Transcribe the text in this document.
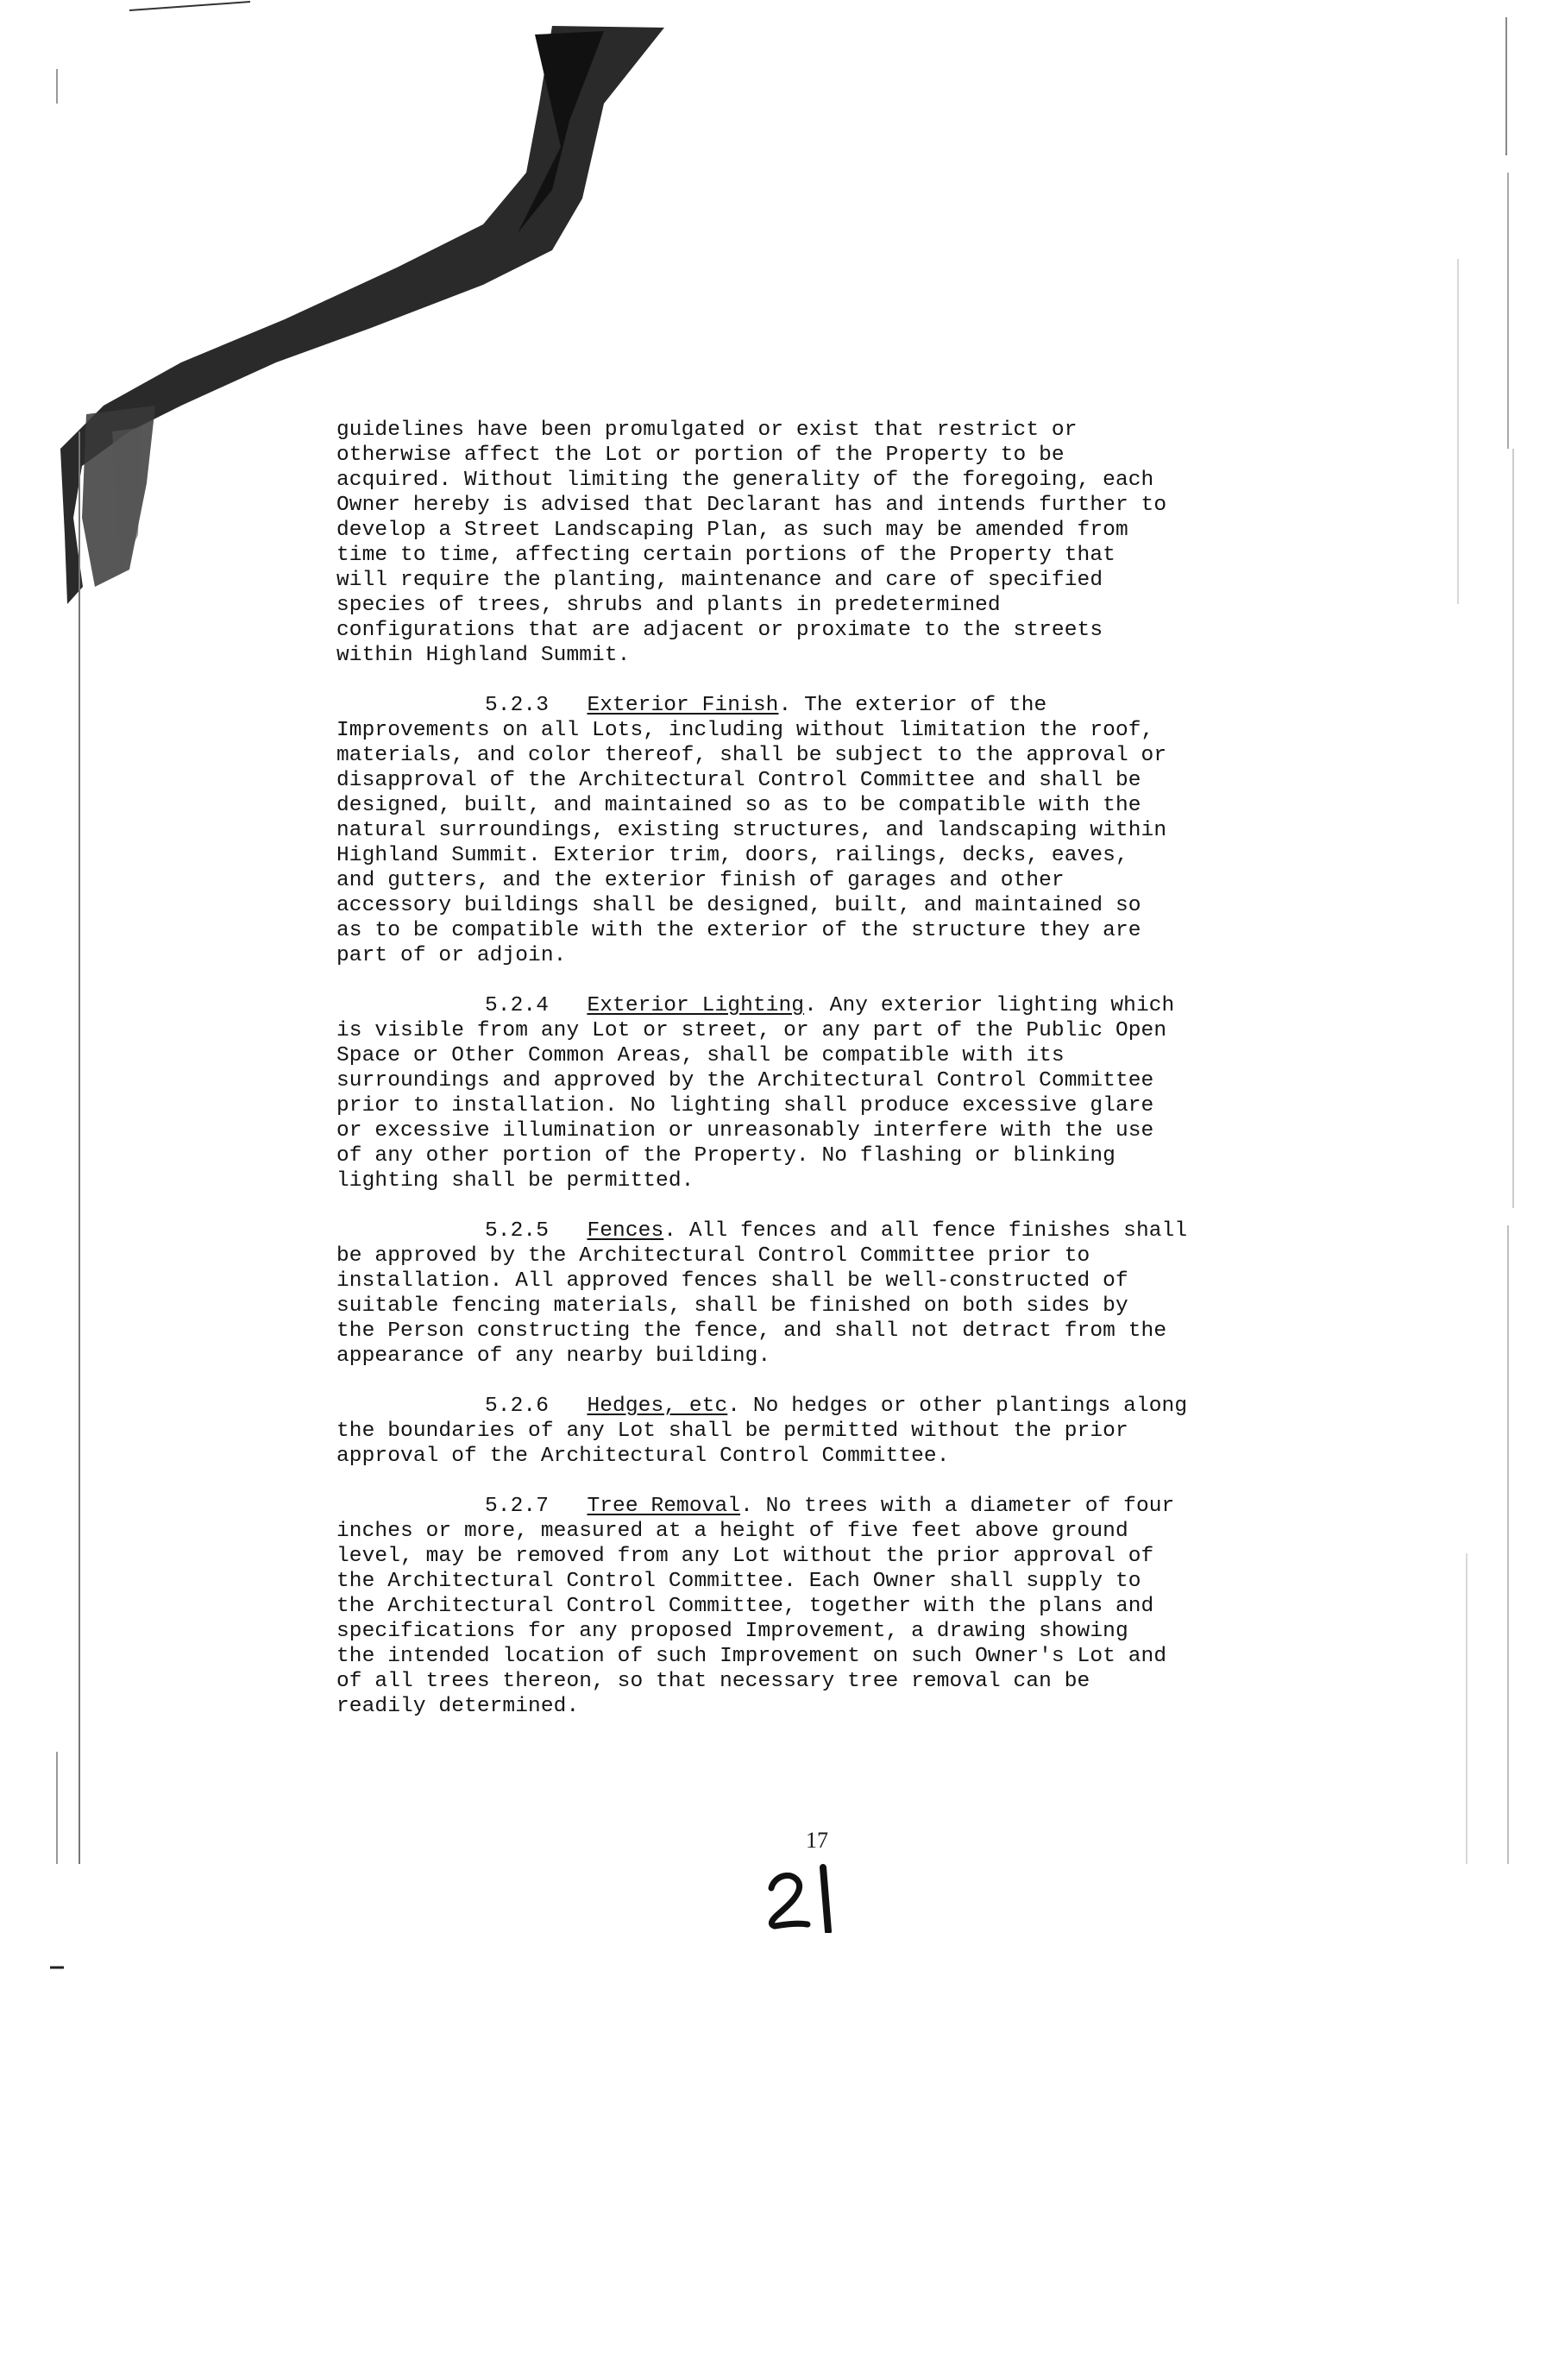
guidelines have been promulgated or exist that restrict or
otherwise affect the Lot or portion of the Property to be
acquired. Without limiting the generality of the foregoing, each
Owner hereby is advised that Declarant has and intends further to
develop a Street Landscaping Plan, as such may be amended from
time to time, affecting certain portions of the Property that
will require the planting, maintenance and care of specified
species of trees, shrubs and plants in predetermined
configurations that are adjacent or proximate to the streets
within Highland Summit.
5.2.3 Exterior Finish. The exterior of the
Improvements on all Lots, including without limitation the roof,
materials, and color thereof, shall be subject to the approval or
disapproval of the Architectural Control Committee and shall be
designed, built, and maintained so as to be compatible with the
natural surroundings, existing structures, and landscaping within
Highland Summit. Exterior trim, doors, railings, decks, eaves,
and gutters, and the exterior finish of garages and other
accessory buildings shall be designed, built, and maintained so
as to be compatible with the exterior of the structure they are
part of or adjoin.
5.2.4 Exterior Lighting. Any exterior lighting which
is visible from any Lot or street, or any part of the Public Open
Space or Other Common Areas, shall be compatible with its
surroundings and approved by the Architectural Control Committee
prior to installation. No lighting shall produce excessive glare
or excessive illumination or unreasonably interfere with the use
of any other portion of the Property. No flashing or blinking
lighting shall be permitted.
5.2.5 Fences. All fences and all fence finishes shall
be approved by the Architectural Control Committee prior to
installation. All approved fences shall be well-constructed of
suitable fencing materials, shall be finished on both sides by
the Person constructing the fence, and shall not detract from the
appearance of any nearby building.
5.2.6 Hedges, etc. No hedges or other plantings along
the boundaries of any Lot shall be permitted without the prior
approval of the Architectural Control Committee.
5.2.7 Tree Removal. No trees with a diameter of four
inches or more, measured at a height of five feet above ground
level, may be removed from any Lot without the prior approval of
the Architectural Control Committee. Each Owner shall supply to
the Architectural Control Committee, together with the plans and
specifications for any proposed Improvement, a drawing showing
the intended location of such Improvement on such Owner's Lot and
of all trees thereon, so that necessary tree removal can be
readily determined.
17
